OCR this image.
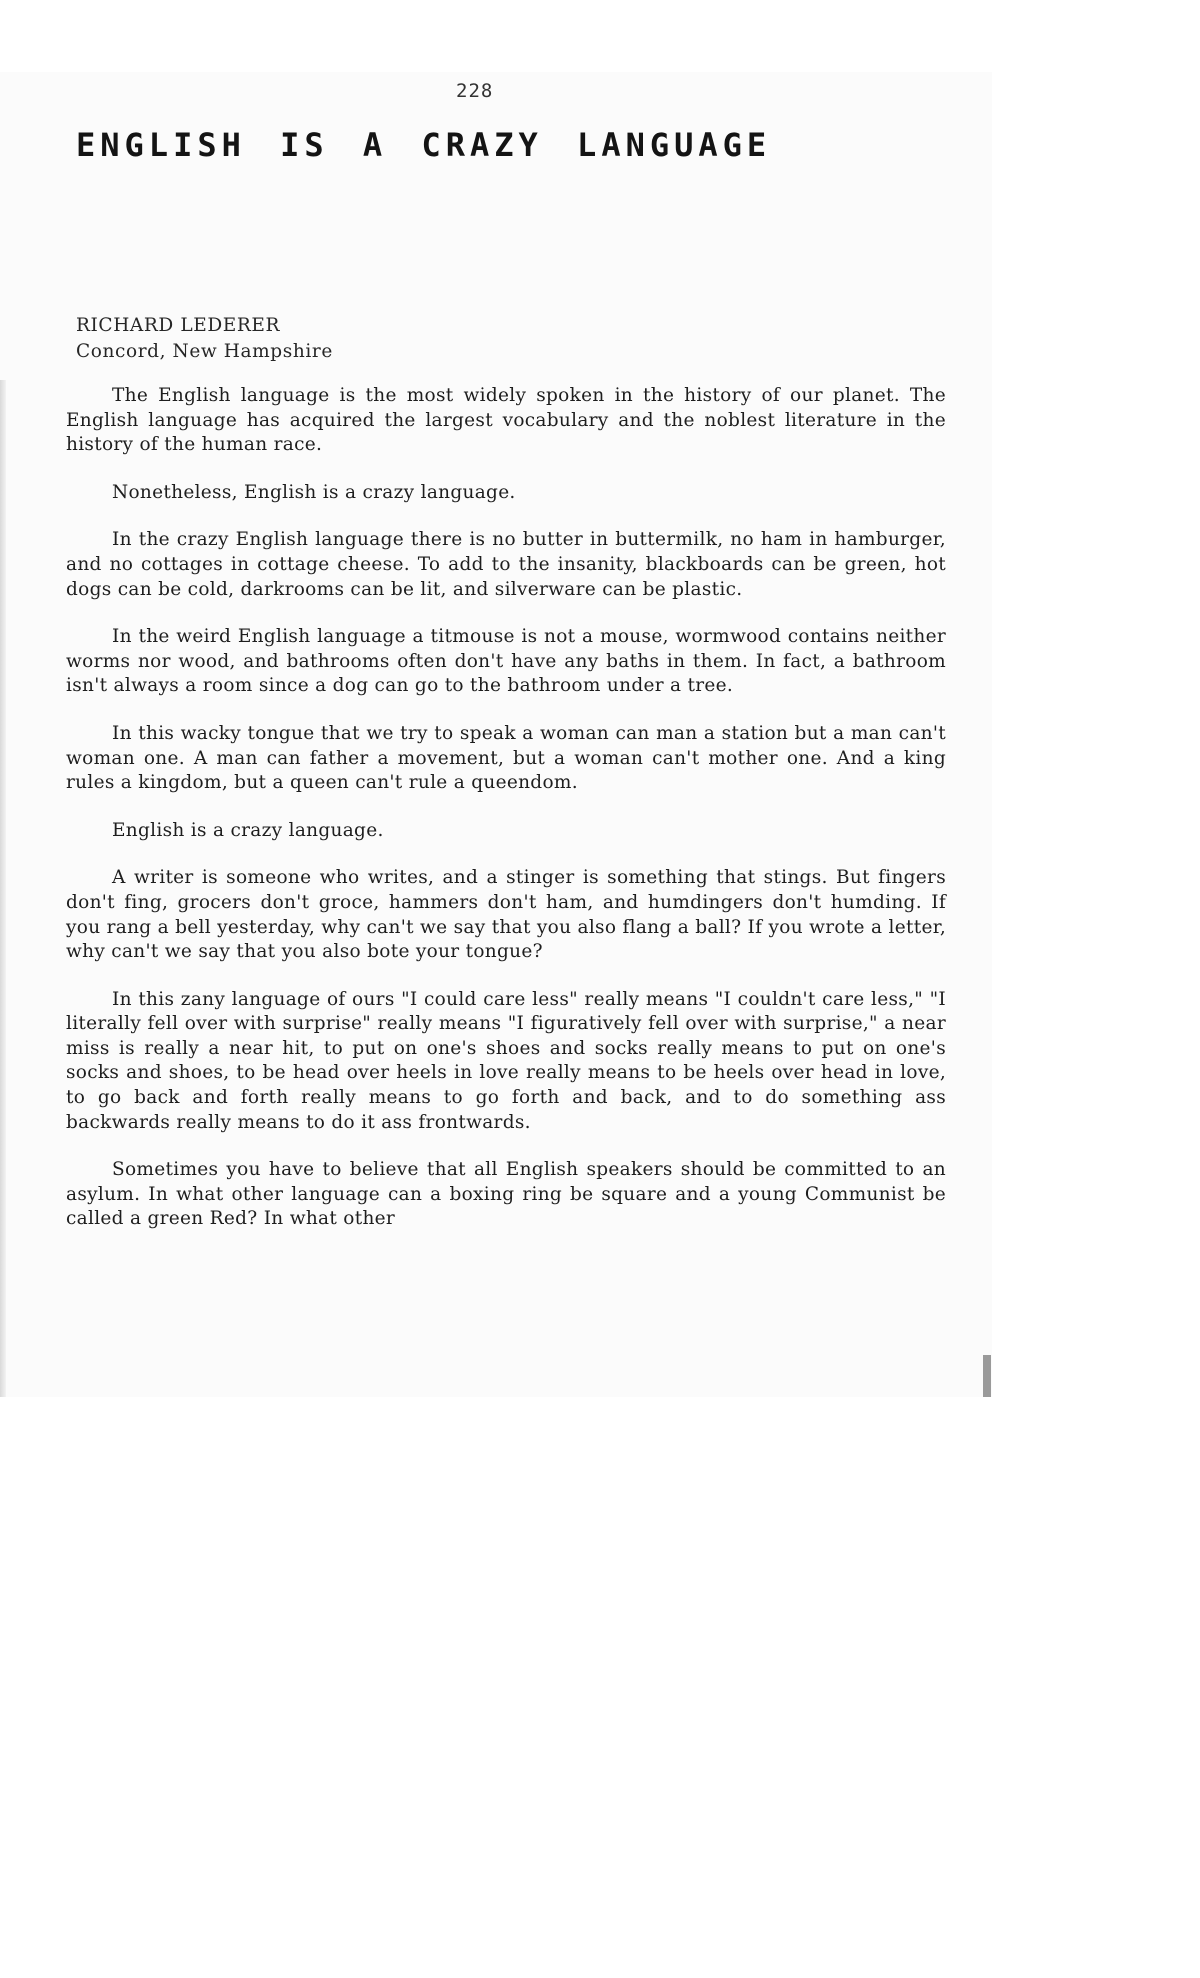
228
ENGLISH IS A CRAZY LANGUAGE
RICHARD LEDERER
Concord, New Hampshire

The English language is the most widely spoken in the history of our planet. The English language has acquired the largest vocabulary and the noblest literature in the history of the human race.

Nonetheless, English is a crazy language.

In the crazy English language there is no butter in buttermilk, no ham in hamburger, and no cottages in cottage cheese. To add to the insanity, blackboards can be green, hot dogs can be cold, darkrooms can be lit, and silverware can be plastic.

In the weird English language a titmouse is not a mouse, wormwood contains neither worms nor wood, and bathrooms often don't have any baths in them. In fact, a bathroom isn't always a room since a dog can go to the bathroom under a tree.

In this wacky tongue that we try to speak a woman can man a station but a man can't woman one. A man can father a movement, but a woman can't mother one. And a king rules a kingdom, but a queen can't rule a queendom.

English is a crazy language.

A writer is someone who writes, and a stinger is something that stings. But fingers don't fing, grocers don't groce, hammers don't ham, and humdingers don't humding. If you rang a bell yesterday, why can't we say that you also flang a ball? If you wrote a letter, why can't we say that you also bote your tongue?

In this zany language of ours "I could care less" really means "I couldn't care less," "I literally fell over with surprise" really means "I figuratively fell over with surprise," a near miss is really a near hit, to put on one's shoes and socks really means to put on one's socks and shoes, to be head over heels in love really means to be heels over head in love, to go back and forth really means to go forth and back, and to do something ass backwards really means to do it ass frontwards.

Sometimes you have to believe that all English speakers should be committed to an asylum. In what other language can a boxing ring be square and a young Communist be called a green Red? In what other
